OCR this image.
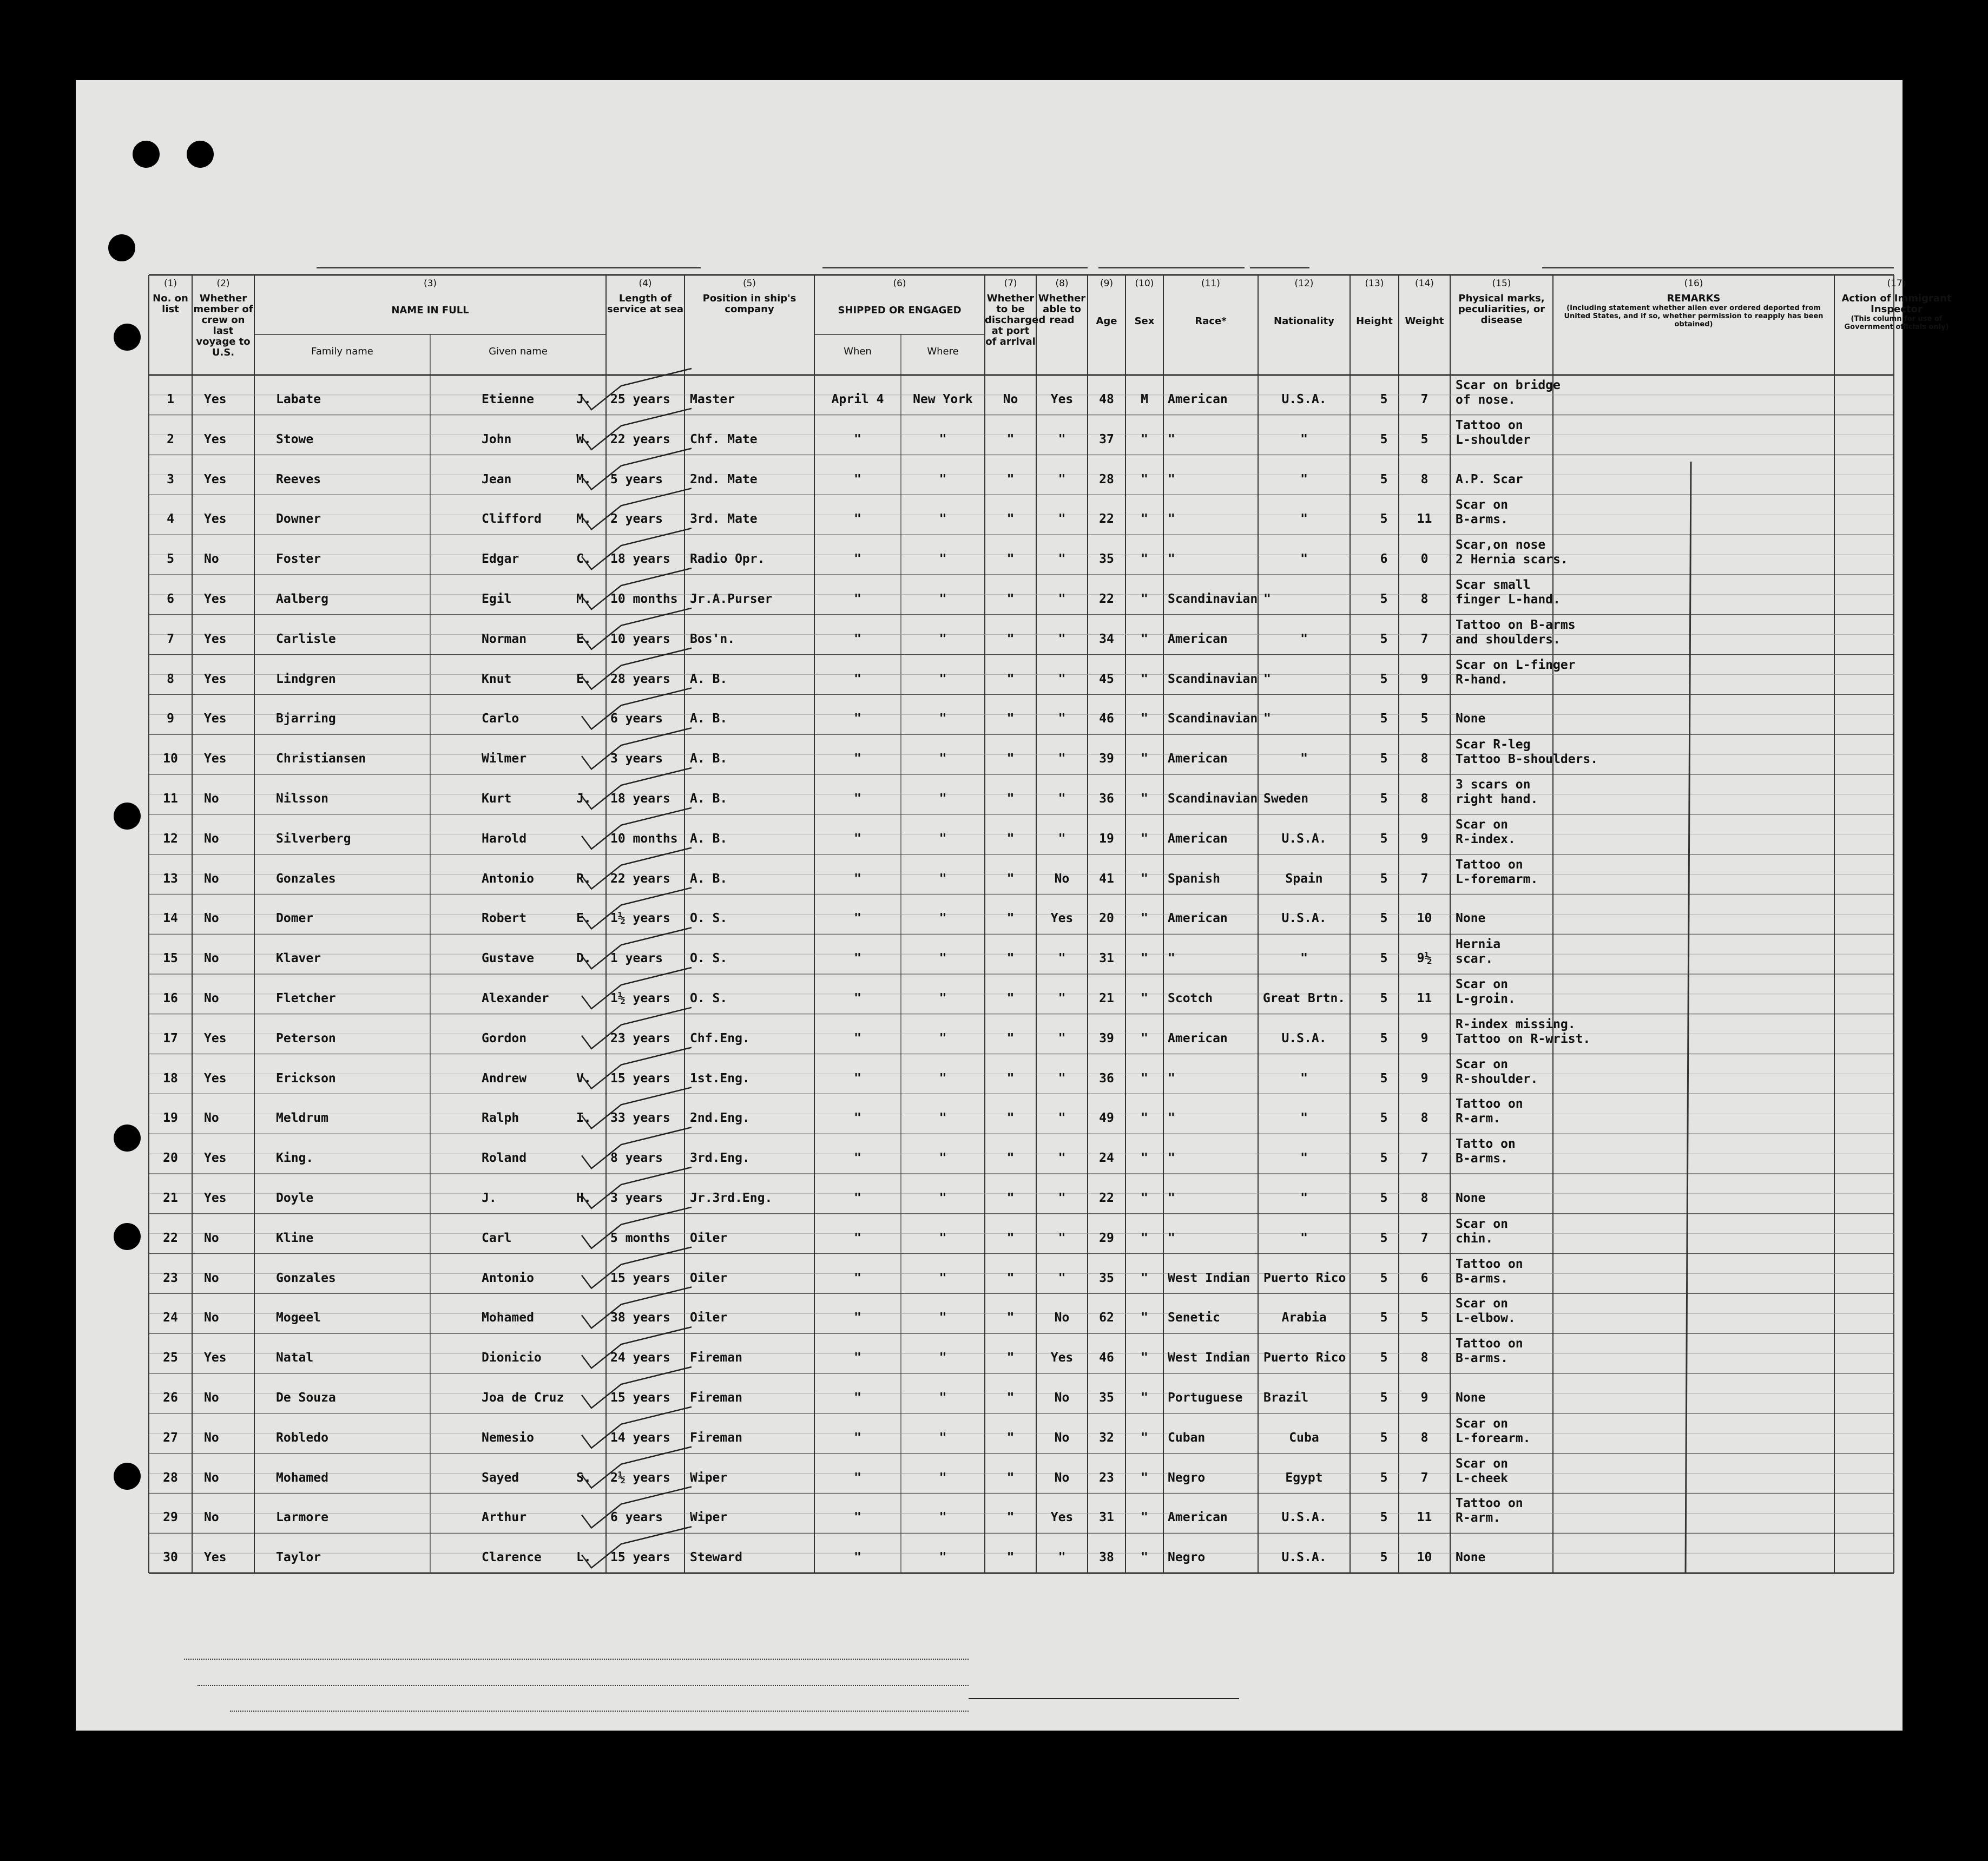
(1)
No. on list
(2)
Whether member of crew on last voyage to U.S.
(3)
NAME IN FULL
(4)
Length of service at sea
(5)
Position in ship's company
(6)
SHIPPED OR ENGAGED
(7)
Whether to be discharged at port of arrival
(8)
Whether able to read
(9)
Age
(10)
Sex
(11)
Race*
(12)
Nationality
(13)
Height
(14)
Weight
(15)
Physical marks, peculiarities, or disease
(16)
REMARKS
(Including statement whether alien ever ordered deported from United States, and if so, whether permission to reapply has been obtained)
(17)
Action of Immigrant Inspector
(This column for use of Government officials only)
Family name	Given name	When	Where
1	Yes	Labate	Etienne	J.	25 years	Master	April 4	New York	No	Yes	48	M	American	U.S.A.	5	7
Scar on bridge
of nose.
2	Yes	Stowe	John	W.	22 years	Chf. Mate	"	"	"	"	37	"	"	"	5	5
Tattoo on
L-shoulder
3	Yes	Reeves	Jean	M.	5 years	2nd. Mate	"	"	"	"	28	"	"	"	5	8	A.P. Scar
4	Yes	Downer	Clifford	M.	2 years	3rd. Mate	"	"	"	"	22	"	"	"	5	11
Scar on
B-arms.
5	No	Foster	Edgar	C.	18 years	Radio Opr.	"	"	"	"	35	"	"	"	6	0
Scar,on nose
2 Hernia scars.
6	Yes	Aalberg	Egil	M.	10 months Jr.A.Purser	"	"	"	"	22	"	Scandinavian "	5	8
Scar small
finger L-hand.
7	Yes	Carlisle	Norman	E.	10 years	Bos'n.	"	"	"	"	34	"	American	"	5	7
Tattoo on B-arms
and shoulders.
8	Yes	Lindgren	Knut	E.	28 years	A. B.	"	"	"	"	45	"	Scandinavian "	5	9
Scar on L-finger
R-hand.
9	Yes	Bjarring	Carlo	6 years	A. B.	"	"	"	"	46	"	Scandinavian "	5	5	None
10	Yes	Christiansen	Wilmer	3 years	A. B.	"	"	"	"	39	"	American	"	5	8
Scar R-leg
Tattoo B-shoulders.
11	No	Nilsson	Kurt	J.	18 years	A. B.	"	"	"	"	36	"	Scandinavian Sweden	5	8
3 scars on
right hand.
12	No	Silverberg	Harold	10 months A. B.	"	"	"	"	19	"	American	U.S.A.	5	9
Scar on
R-index.
13	No	Gonzales	Antonio	R.	22 years	A. B.	"	"	"	No	41	"	Spanish	Spain	5	7
Tattoo on
L-foremarm.
14	No	Domer	Robert	E.	1½ years	O. S.	"	"	"	Yes	20	"	American	U.S.A.	5	10	None
15	No	Klaver	Gustave	D.	1 years	O. S.	"	"	"	"	31	"	"	"	5	9½
Hernia
scar.
16	No	Fletcher	Alexander	1½ years	O. S.	"	"	"	"	21	"	Scotch	Great Brtn.	5	11
Scar on
L-groin.
17	Yes	Peterson	Gordon	23 years	Chf.Eng.	"	"	"	"	39	"	American	U.S.A.	5	9
R-index missing.
Tattoo on R-wrist.
18	Yes	Erickson	Andrew	V.	15 years	1st.Eng.	"	"	"	"	36	"	"	"	5	9
Scar on
R-shoulder.
19	No	Meldrum	Ralph	I.	33 years	2nd.Eng.	"	"	"	"	49	"	"	"	5	8
Tattoo on
R-arm.
20	Yes	King.	Roland	8 years	3rd.Eng.	"	"	"	"	24	"	"	"	5	7
Tatto on
B-arms.
21	Yes	Doyle	J.	H.	3 years	Jr.3rd.Eng.	"	"	"	"	22	"	"	"	5	8	None
22	No	Kline	Carl	5 months	Oiler	"	"	"	"	29	"	"	"	5	7
Scar on
chin.
23	No	Gonzales	Antonio	15 years	Oiler	"	"	"	"	35	"	West Indian	Puerto Rico	5	6
Tattoo on
B-arms.
24	No	Mogeel	Mohamed	38 years	Oiler	"	"	"	No	62	"	Senetic	Arabia	5	5
Scar on
L-elbow.
25	Yes	Natal	Dionicio	24 years	Fireman	"	"	"	Yes	46	"	West Indian	Puerto Rico	5	8
Tattoo on
B-arms.
26	No	De Souza	Joa de Cruz	15 years	Fireman	"	"	"	No	35	"	Portuguese	Brazil	5	9	None
27	No	Robledo	Nemesio	14 years	Fireman	"	"	"	No	32	"	Cuban	Cuba	5	8
Scar on
L-forearm.
28	No	Mohamed	Sayed	S.	2½ years	Wiper	"	"	"	No	23	"	Negro	Egypt	5	7
Scar on
L-cheek
29	No	Larmore	Arthur	6 years	Wiper	"	"	"	Yes	31	"	American	U.S.A.	5	11
Tattoo on
R-arm.
30	Yes	Taylor	Clarence	L.	15 years	Steward	"	"	"	"	38	"	Negro	U.S.A.	5	10	None
